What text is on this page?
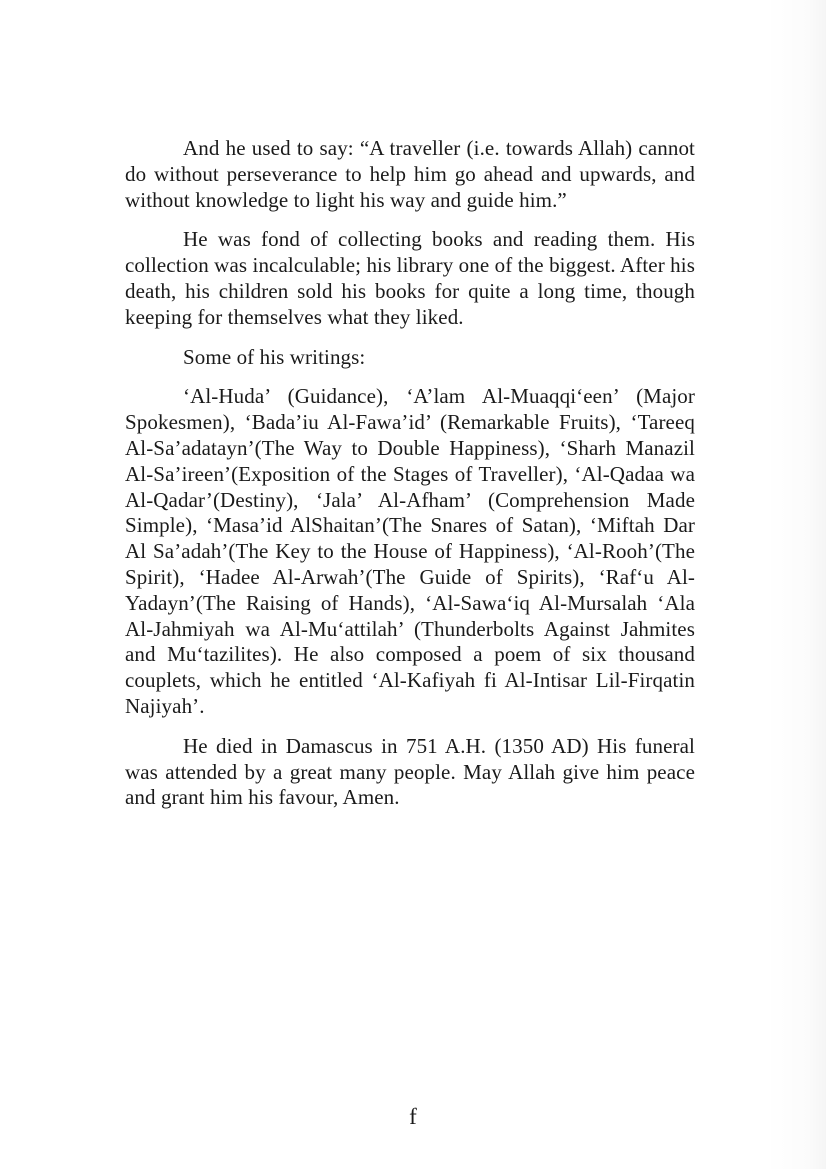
And he used to say: “A traveller (i.e. towards Allah) cannot do without perseverance to help him go ahead and upwards, and without knowledge to light his way and guide him.”

He was fond of collecting books and reading them. His collection was incalculable; his library one of the biggest. After his death, his children sold his books for quite a long time, though keeping for themselves what they liked.

Some of his writings:

‘Al-Huda’ (Guidance), ‘A’lam Al-Muaqqi‘een’ (Major Spokesmen), ‘Bada’iu Al-Fawa’id’ (Remarkable Fruits), ‘Tareeq Al-Sa’adatayn’(The Way to Double Happiness), ‘Sharh Manazil Al-Sa’ireen’(Exposition of the Stages of Traveller), ‘Al-Qadaa wa Al-Qadar’(Destiny), ‘Jala’ Al-Afham’ (Comprehension Made Simple), ‘Masa’id AlShaitan’(The Snares of Satan), ‘Miftah Dar Al Sa’adah’(The Key to the House of Happiness), ‘Al-Rooh’(The Spirit), ‘Hadee Al-Arwah’(The Guide of Spirits), ‘Raf‘u Al-Yadayn’(The Raising of Hands), ‘Al-Sawa‘iq Al-Mursalah ‘Ala Al-Jahmiyah wa Al-Mu‘attilah’ (Thunderbolts Against Jahmites and Mu‘tazilites). He also composed a poem of six thousand couplets, which he entitled ‘Al-Kafiyah fi Al-Intisar Lil-Firqatin Najiyah’.

He died in Damascus in 751 A.H. (1350 AD) His funeral was attended by a great many people. May Allah give him peace and grant him his favour, Amen.

f
